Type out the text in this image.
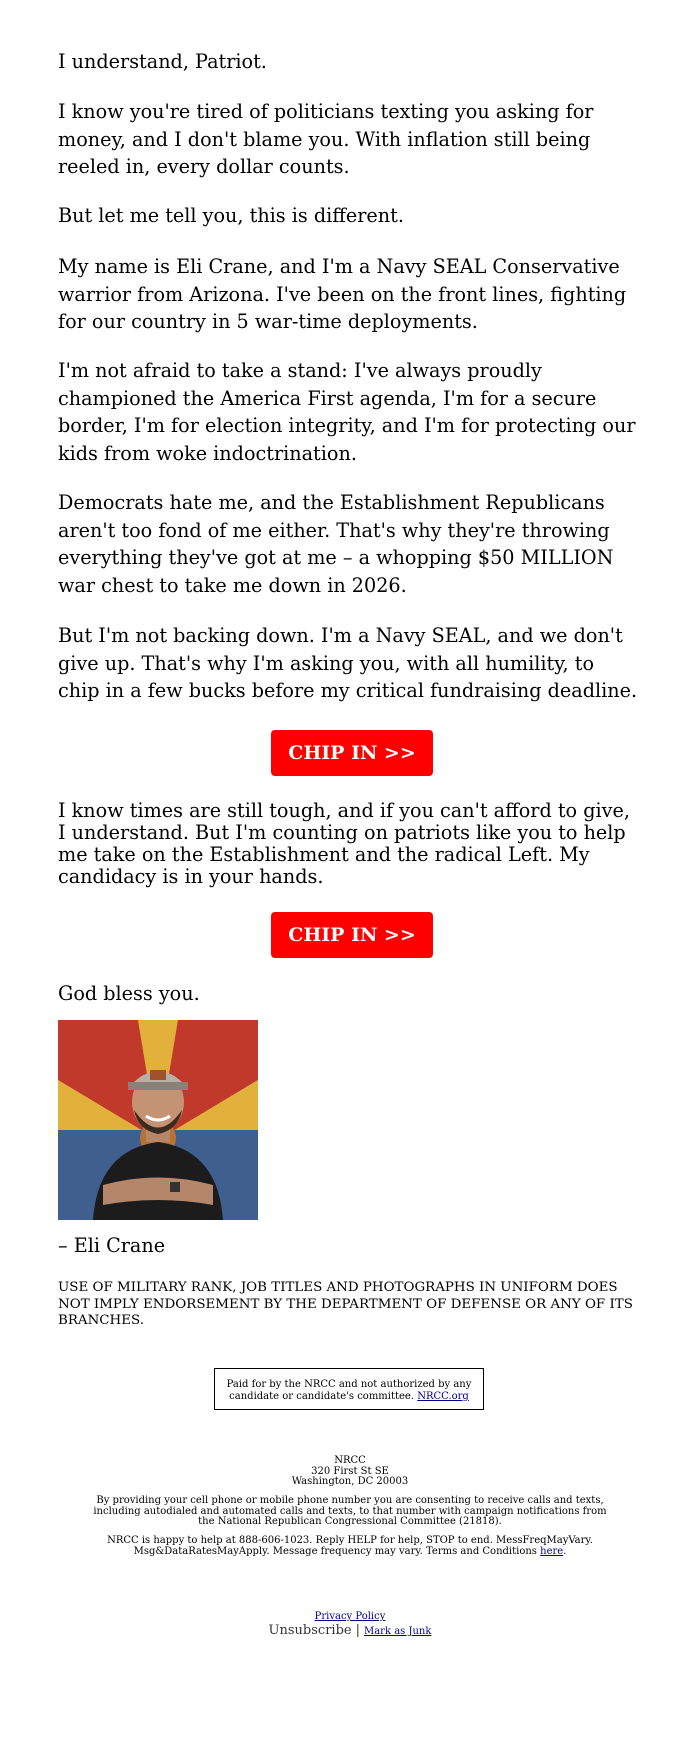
I understand, Patriot.

I know you're tired of politicians texting you asking for money, and I don't blame you. With inflation still being reeled in, every dollar counts.

But let me tell you, this is different.

My name is Eli Crane, and I'm a Navy SEAL Conservative warrior from Arizona. I've been on the front lines, fighting for our country in 5 war-time deployments.

I'm not afraid to take a stand: I've always proudly championed the America First agenda, I'm for a secure border, I'm for election integrity, and I'm for protecting our kids from woke indoctrination.

Democrats hate me, and the Establishment Republicans aren't too fond of me either. That's why they're throwing everything they've got at me – a whopping $50 MILLION war chest to take me down in 2026.

But I'm not backing down. I'm a Navy SEAL, and we don't give up. That's why I'm asking you, with all humility, to chip in a few bucks before my critical fundraising deadline.

I know times are still tough, and if you can't afford to give, I understand. But I'm counting on patriots like you to help me take on the Establishment and the radical Left. My candidacy is in your hands.

God bless you.

– Eli Crane

CHIP IN >>
CHIP IN >>

USE OF MILITARY RANK, JOB TITLES AND PHOTOGRAPHS IN UNIFORM DOES NOT IMPLY ENDORSEMENT BY THE DEPARTMENT OF DEFENSE OR ANY OF ITS BRANCHES.

Paid for by the NRCC and not authorized by any candidate or candidate's committee. NRCC.org
NRCC
320 First St SE
Washington, DC 20003

By providing your cell phone or mobile phone number you are consenting to receive calls and texts, including autodialed and automated calls and texts, to that number with campaign notifications from the National Republican Congressional Committee (21818).

NRCC is happy to help at 888-606-1023. Reply HELP for help, STOP to end. MessFreqMayVary. Msg&DataRatesMayApply. Message frequency may vary. Terms and Conditions here.

Privacy Policy
Unsubscribe | Mark as Junk
